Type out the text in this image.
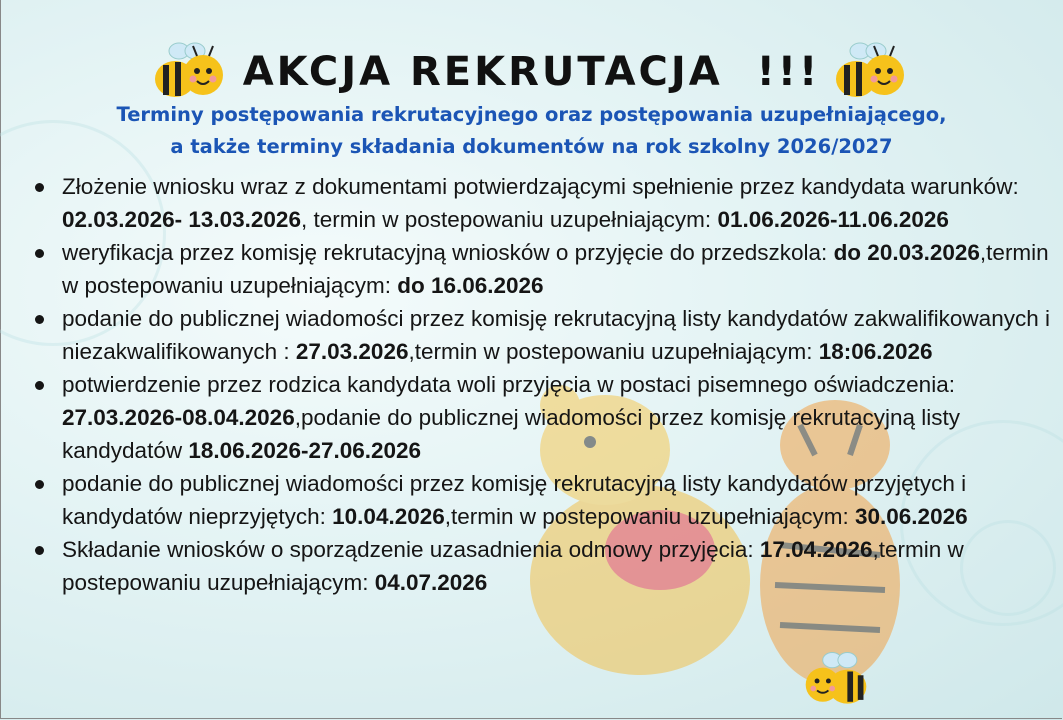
AKCJA REKRUTACJA  !!!
Terminy postępowania rekrutacyjnego oraz postępowania uzupełniającego,
a także terminy składania dokumentów na rok szkolny 2026/2027
Złożenie wniosku wraz z dokumentami potwierdzającymi spełnienie przez kandydata warunków: 02.03.2026- 13.03.2026, termin w postepowaniu uzupełniającym: 01.06.2026-11.06.2026
weryfikacja przez komisję rekrutacyjną wniosków o przyjęcie do przedszkola: do 20.03.2026,termin w postepowaniu uzupełniającym: do 16.06.2026
podanie do publicznej wiadomości przez komisję rekrutacyjną listy kandydatów zakwalifikowanych i niezakwalifikowanych : 27.03.2026,termin w postepowaniu uzupełniającym: 18:06.2026
potwierdzenie przez rodzica kandydata woli przyjęcia w postaci pisemnego oświadczenia: 27.03.2026-08.04.2026,podanie do publicznej wiadomości przez komisję rekrutacyjną listy kandydatów 18.06.2026-27.06.2026
podanie do publicznej wiadomości przez komisję rekrutacyjną listy kandydatów przyjętych i kandydatów nieprzyjętych: 10.04.2026,termin w postepowaniu uzupełniającym: 30.06.2026
Składanie wniosków o sporządzenie uzasadnienia odmowy przyjęcia: 17.04.2026,termin w postepowaniu uzupełniającym: 04.07.2026
